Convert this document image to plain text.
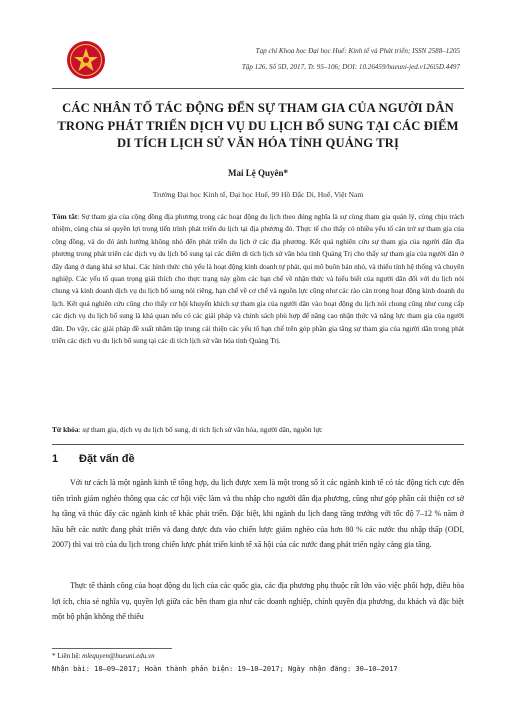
Tạp chí Khoa học Đại học Huế: Kinh tế và Phát triển; ISSN 2588–1205
Tập 126, Số 5D, 2017, Tr. 95–106; DOI: 10.26459/hueuni-jed.v126i5D.4497
CÁC NHÂN TỐ TÁC ĐỘNG ĐẾN SỰ THAM GIA CỦA NGƯỜI DÂN TRONG PHÁT TRIỂN DỊCH VỤ DU LỊCH BỔ SUNG TẠI CÁC ĐIỂM DI TÍCH LỊCH SỬ VĂN HÓA TỈNH QUẢNG TRỊ
Mai Lệ Quyên*
Trường Đại học Kinh tế, Đại học Huế, 99 Hồ Đắc Di, Huế, Việt Nam

Tóm tắt: Sự tham gia của cộng đồng địa phương trong các hoạt động du lịch theo đúng nghĩa là sự cùng tham gia quản lý, cùng chịu trách nhiệm, cùng chia sẻ quyền lợi trong tiến trình phát triển du lịch tại địa phương đó. Thực tế cho thấy có nhiều yếu tố cản trở sự tham gia của cộng đồng, và do đó ảnh hưởng không nhỏ đến phát triển du lịch ở các địa phương. Kết quả nghiên cứu sự tham gia của người dân địa phương trong phát triển các dịch vụ du lịch bổ sung tại các điểm di tích lịch sử văn hóa tỉnh Quảng Trị cho thấy sự tham gia của người dân ở đây đang ở dạng khá sơ khai. Các hình thức chủ yếu là hoạt động kinh doanh tự phát, qui mô buôn bán nhỏ, và thiếu tính hệ thống và chuyên nghiệp. Các yếu tố quan trọng giải thích cho thực trạng này gồm các hạn chế về nhận thức và hiểu biết của người dân đối với du lịch nói chung và kinh doanh dịch vụ du lịch bổ sung nói riêng, hạn chế về cơ chế và nguồn lực cũng như các rào cản trong hoạt động kinh doanh du lịch. Kết quả nghiên cứu cũng cho thấy cơ hội khuyến khích sự tham gia của người dân vào hoạt động du lịch nói chung cũng như cung cấp các dịch vụ du lịch bổ sung là khá quan nếu có các giải pháp và chính sách phù hợp để nâng cao nhận thức và năng lực tham gia của người dân. Do vậy, các giải pháp đề xuất nhằm tập trung cải thiện các yếu tố hạn chế trên góp phần gia tăng sự tham gia của người dân trong phát triển các dịch vụ du lịch bổ sung tại các di tích lịch sử văn hóa tỉnh Quảng Trị.

Từ khóa: sự tham gia, dịch vụ du lịch bổ sung, di tích lịch sử văn hóa, người dân, nguồn lực

1 Đặt vấn đề

Với tư cách là một ngành kinh tế tổng hợp, du lịch được xem là một trong số ít các ngành kinh tế có tác động tích cực đến tiến trình giảm nghèo thông qua các cơ hội việc làm và thu nhập cho người dân địa phương, cũng như góp phần cải thiện cơ sở hạ tầng và thúc đẩy các ngành kinh tế khác phát triển. Đặc biệt, khi ngành du lịch đang tăng trưởng với tốc độ 7–12 % năm ở hầu hết các nước đang phát triển và đang được đưa vào chiến lược giảm nghèo của hơn 80 % các nước thu nhập thấp (ODI, 2007) thì vai trò của du lịch trong chiến lược phát triển kinh tế xã hội của các nước đang phát triển ngày càng gia tăng.

Thực tế thành công của hoạt động du lịch của các quốc gia, các địa phương phụ thuộc rất lớn vào việc phối hợp, điều hòa lợi ích, chia sẻ nghĩa vụ, quyền lợi giữa các bên tham gia như các doanh nghiệp, chính quyền địa phương, du khách và đặc biệt một bộ phận không thể thiếu

* Liên hệ: mlequyen@hueuni.edu.vn
Nhận bài: 18–09–2017; Hoàn thành phản biện: 19–10–2017; Ngày nhận đăng: 30–10–2017
